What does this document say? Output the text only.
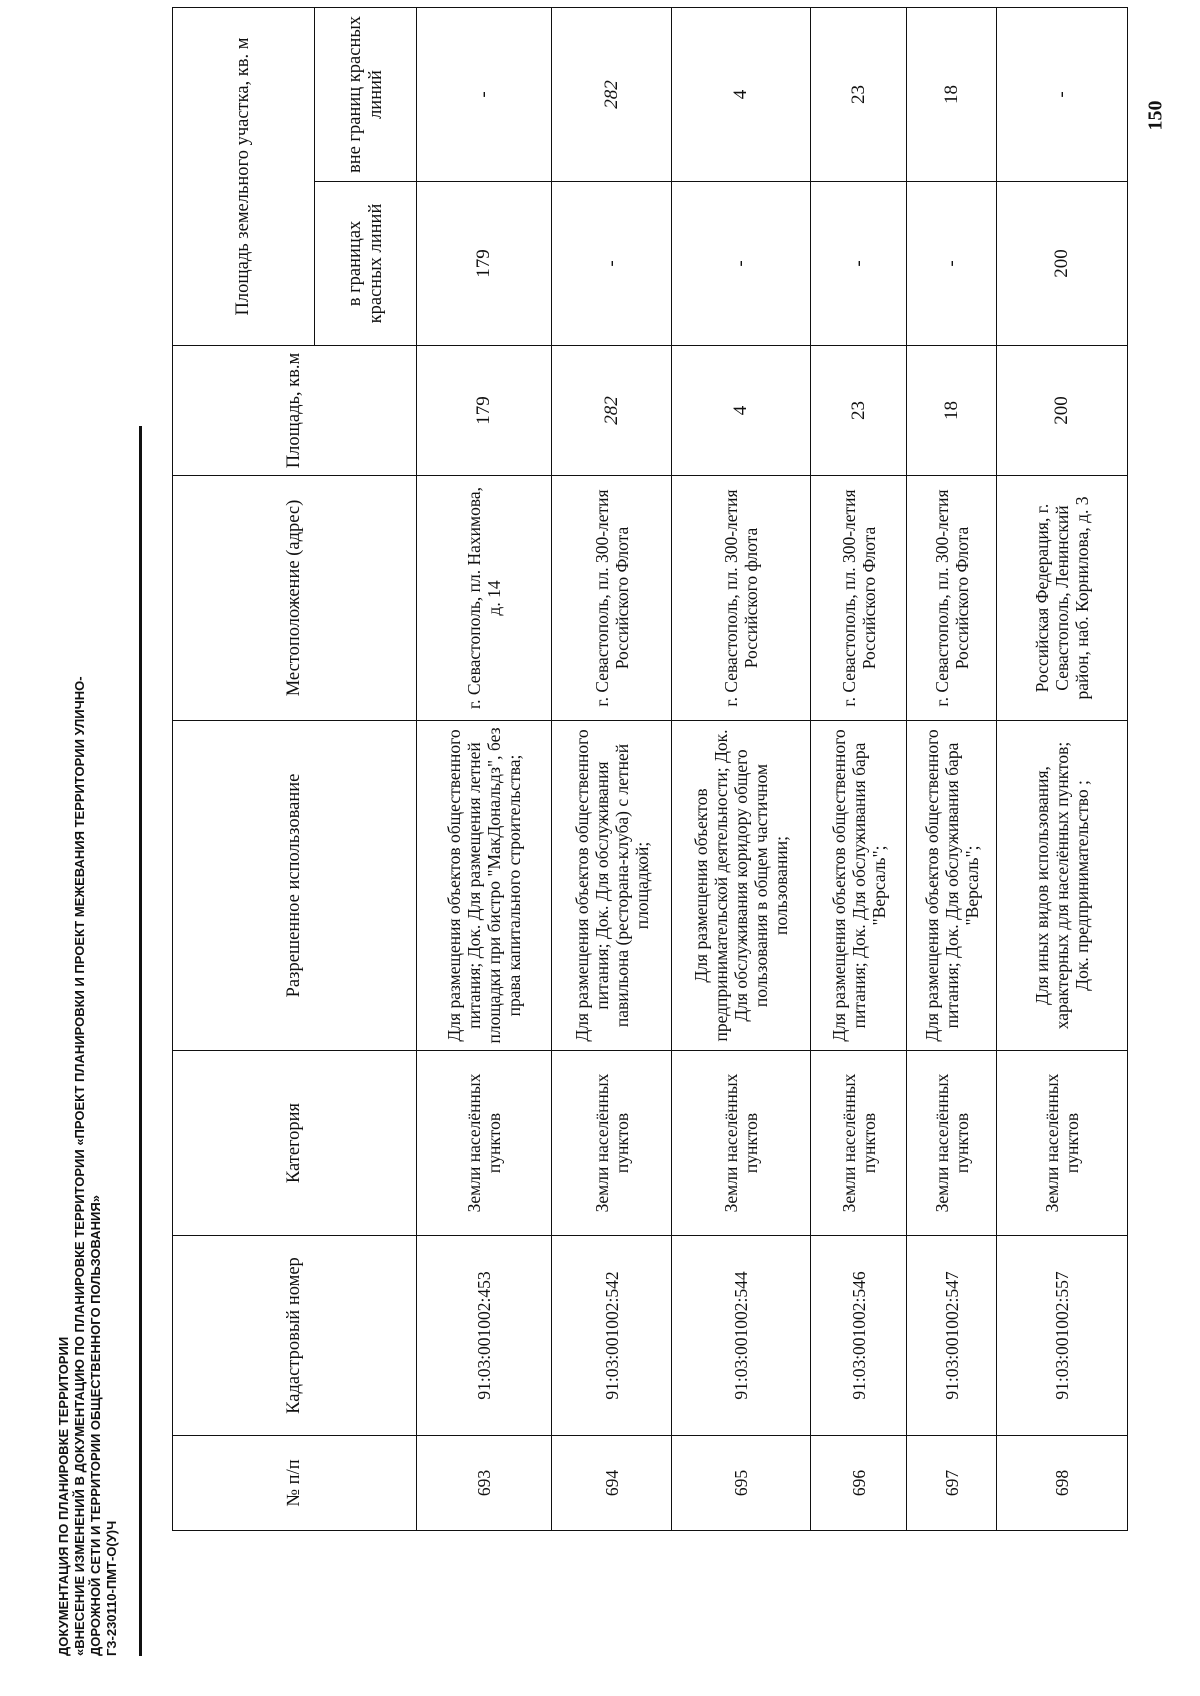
150
ДОКУМЕНТАЦИЯ ПО ПЛАНИРОВКЕ ТЕРРИТОРИИ «ВНЕСЕНИЕ ИЗМЕНЕНИЙ В ДОКУМЕНТАЦИЮ ПО ПЛАНИРОВКЕ ТЕРРИТОРИИ «ПРОЕКТ ПЛАНИРОВКИ И ПРОЕКТ МЕЖЕВАНИЯ ТЕРРИТОРИИ УЛИЧНО- ДОРОЖНОЙ СЕТИ И ТЕРРИТОРИИ ОБЩЕСТВЕННОГО ПОЛЬЗОВАНИЯ» ГЗ-230110-ПМТ-О(У)Ч
№ п/п	Кадастровый номер	Категория	Разрешенное использование	Местоположение (адрес)	Площадь, кв.м	Площадь земельного участка, кв. м	
						в границах красных линий	вне границ красных линий
693	91:03:001002:453	Земли населённых пунктов	Для размещения объектов общественного питания; Док. Для размещения летней площадки при бистро "МакДональдз", без права капитального строительства;	г. Севастополь, пл. Нахимова, д. 14	179	179	-
694	91:03:001002:542	Земли населённых пунктов	Для размещения объектов общественного питания; Док. Для обслуживания павильона (ресторана-клуба) с летней площадкой;	г. Севастополь, пл. 300-летия Российского Флота	282	-	282
695	91:03:001002:544	Земли населённых пунктов	Для размещения объектов предпринимательской деятельности; Док. Для обслуживания коридору общего пользования в общем частичном пользовании;	г. Севастополь, пл. 300-летия Российского флота	4	-	4
696	91:03:001002:546	Земли населённых пунктов	Для размещения объектов общественного питания; Док. Для обслуживания бара "Версаль";	г. Севастополь, пл. 300-летия Российского Флота	23	-	23
697	91:03:001002:547	Земли населённых пунктов	Для размещения объектов общественного питания; Док. Для обслуживания бара "Версаль";	г. Севастополь, пл. 300-летия Российского Флота	18	-	18
698	91:03:001002:557	Земли населённых пунктов	Для иных видов использования, характерных для населённых пунктов; Док. предпринимательство ;	Российская Федерация, г. Севастополь, Ленинский район, наб. Корнилова, д. 3	200	200	-
